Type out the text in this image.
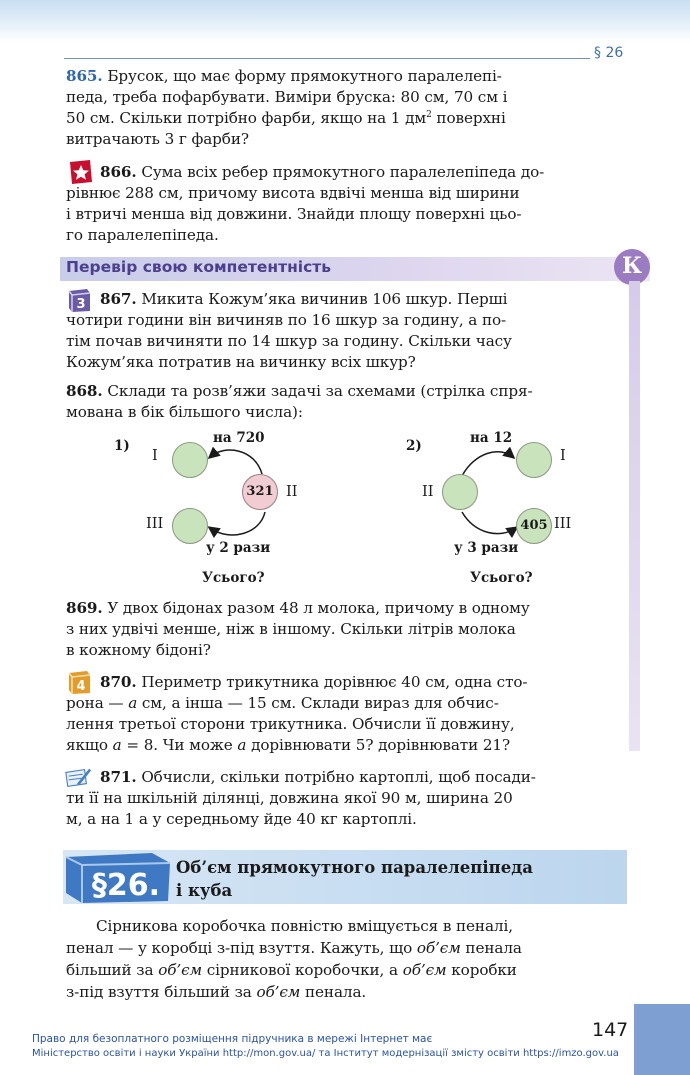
§ 26
865. Брусок, що має форму прямокутного паралелепі-
педа, треба пофарбувати. Виміри бруска: 80 см, 70 см і
50 см. Скільки потрібно фарби, якщо на 1 $дм^2$ поверхні
витрачають 3 г фарби?
866. Сума всіх ребер прямокутного паралелепіпеда до-
рівнює 288 см, причому висота вдвічі менша від ширини
і втричі менша від довжини. Знайди площу поверхні цьо-
го паралелепіпеда.
Перевір свою компетентність	К
3 867. Микита Кожум’яка вичинив 106 шкур. Перші
чотири години він вичиняв по 16 шкур за годину, а по-
тім почав вичиняти по 14 шкур за годину. Скільки часу
Кожум’яка потратив на вичинку всіх шкур?
868. Склади та розв’яжи задачі за схемами (стрілка спря-
мована в бік більшого числа):
1)	на 720
I
321 II
III
у 2 рази
Усього?
2)	на 12
I
II
405 III
у 3 рази
Усього?
869. У двох бідонах разом 48 л молока, причому в одному
з них удвічі менше, ніж в іншому. Скільки літрів молока
в кожному бідоні?
4 870. Периметр трикутника дорівнює 40 см, одна сто-
рона — a см, а інша — 15 см. Склади вираз для обчис-
лення третьої сторони трикутника. Обчисли її довжину,
якщо a = 8. Чи може a дорівнювати 5? дорівнювати 21?
871. Обчисли, скільки потрібно картоплі, щоб посади-
ти її на шкільній ділянці, довжина якої 90 м, ширина 20
м, а на 1 а у середньому йде 40 кг картоплі.
§26.
Об’єм прямокутного паралелепіпеда
і куба
Сірникова коробочка повністю вміщується в пеналі,
пенал — у коробці з-під взуття. Кажуть, що об’єм пенала
більший за об’єм сірникової коробочки, а об’єм коробки
з-під взуття більший за об’єм пенала.
147
Право для безоплатного розміщення підручника в мережі Інтернет має
Міністерство освіти і науки України http://mon.gov.ua/ та Інститут модернізації змісту освіти https://imzo.gov.ua
